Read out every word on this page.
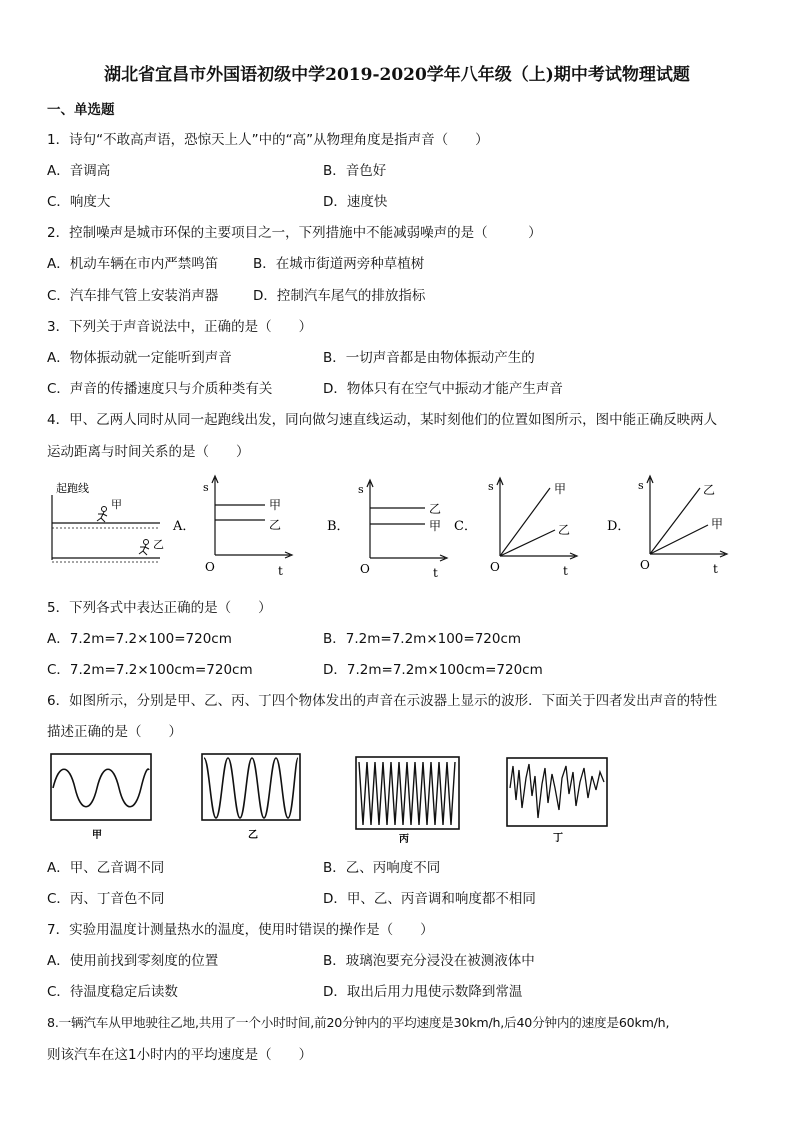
湖北省宜昌市外国语初级中学2019-2020学年八年级（上)期中考试物理试题
一、单选题
1．诗句“不敢高声语，恐惊天上人”中的“高”从物理角度是指声音（　　）
A．音调高	B．音色好
C．响度大	D．速度快
2．控制噪声是城市环保的主要项目之一，下列措施中不能减弱噪声的是（　　　）
A．机动车辆在市内严禁鸣笛	B．在城市街道两旁种草植树
C．汽车排气管上安装消声器	D．控制汽车尾气的排放指标
3．下列关于声音说法中，正确的是（　　）
A．物体振动就一定能听到声音	B．一切声音都是由物体振动产生的
C．声音的传播速度只与介质种类有关	D．物体只有在空气中振动才能产生声音
4．甲、乙两人同时从同一起跑线出发，同向做匀速直线运动，某时刻他们的位置如图所示，图中能正确反映两人
运动距离与时间关系的是（　　）
起跑线
甲
乙
A．
s
甲
乙
O	t
B．
s
乙
甲
O	t
C．
s	甲
乙
O	t
D．
s	乙
甲
O	t
5．下列各式中表达正确的是（　　）
A．7.2m=7.2×100=720cm	B．7.2m=7.2m×100=720cm
C．7.2m=7.2×100cm=720cm	D．7.2m=7.2m×100cm=720cm
6．如图所示，分别是甲、乙、丙、丁四个物体发出的声音在示波器上显示的波形．下面关于四者发出声音的特性
描述正确的是（　　）
甲	乙	丙	丁
A．甲、乙音调不同	B．乙、丙响度不同
C．丙、丁音色不同	D．甲、乙、丙音调和响度都不相同
7．实验用温度计测量热水的温度，使用时错误的操作是（　　）
A．使用前找到零刻度的位置	B．玻璃泡要充分浸没在被测液体中
C．待温度稳定后读数	D．取出后用力甩使示数降到常温
8.一辆汽车从甲地驶往乙地,共用了一个小时时间,前20分钟内的平均速度是30km/h,后40分钟内的速度是60km/h,
则该汽车在这1小时内的平均速度是（　　）
